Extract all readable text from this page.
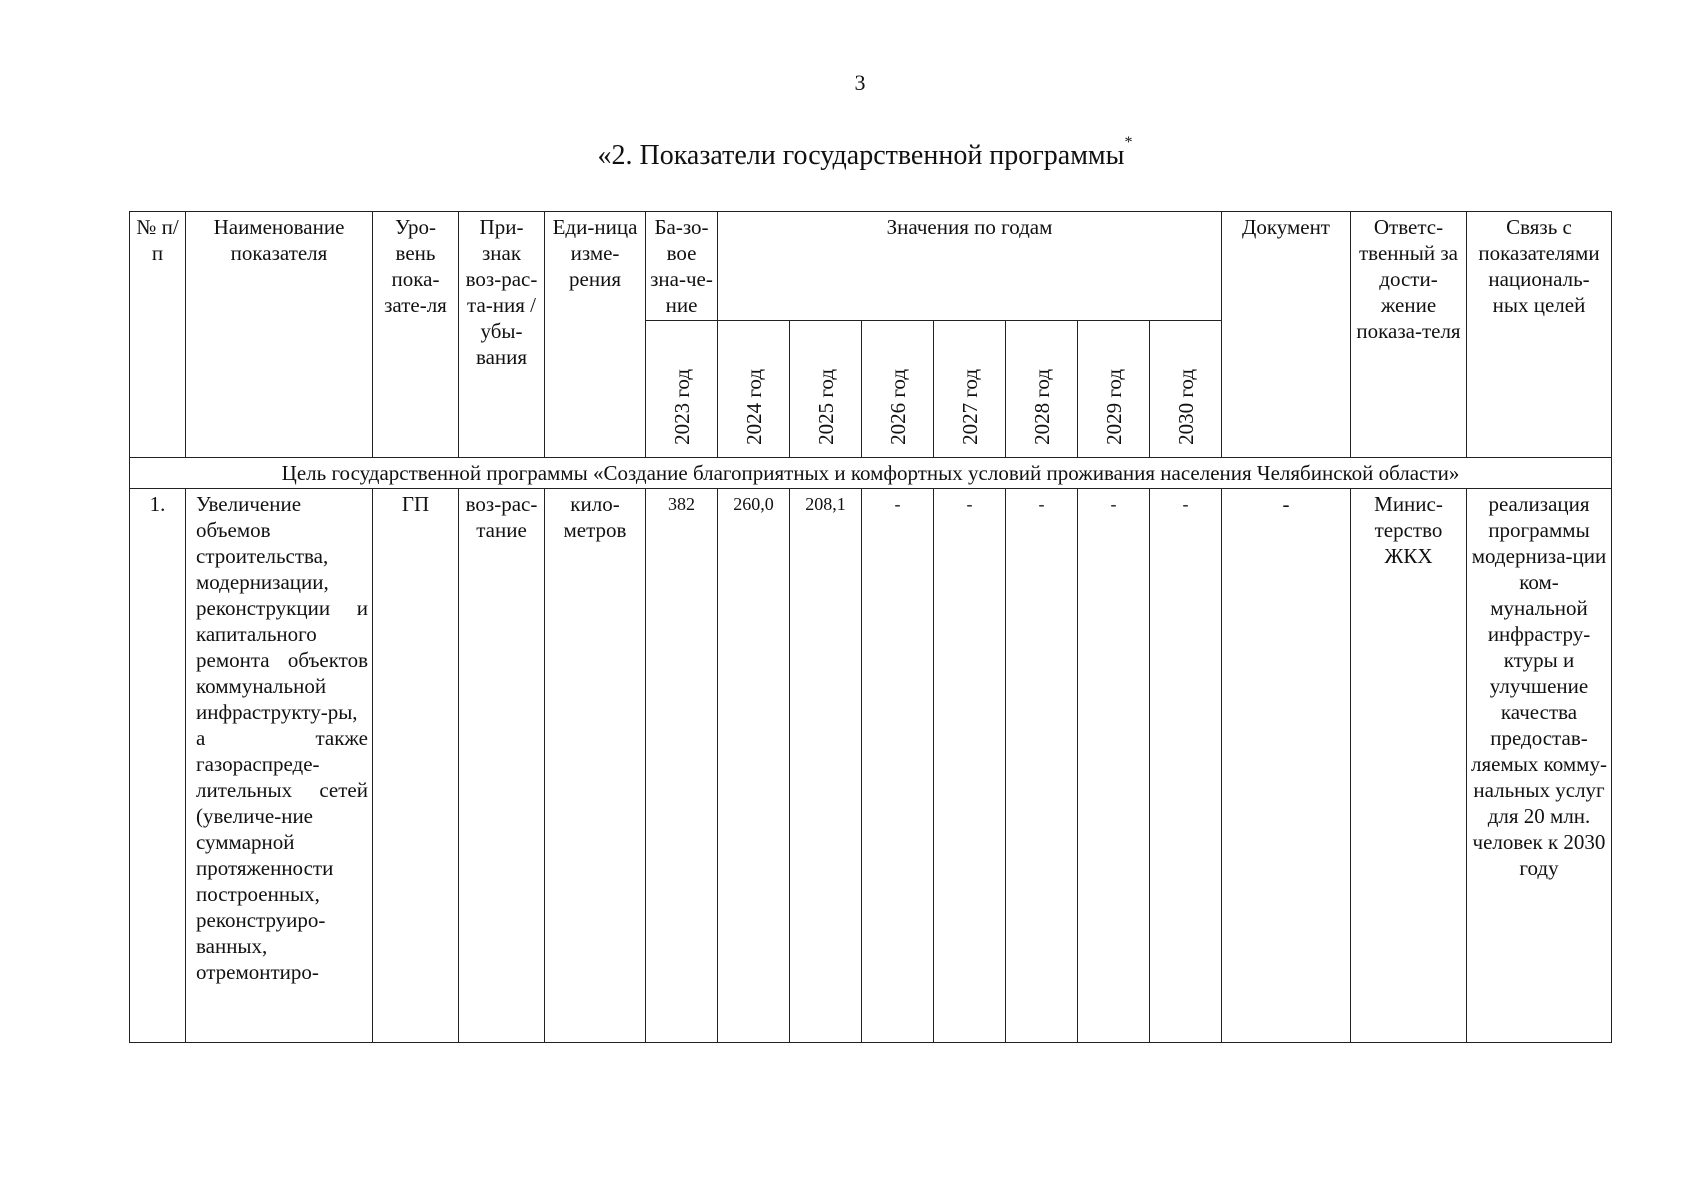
3
«2. Показатели государственной программы*
№ п/п	Наименование показателя	Уро-вень пока-зате-ля	При-знак воз-рас-та-ния / убы-вания	Еди-ница изме-рения	Ба-зо-вое зна-че-ние	Значения по годам							Документ	Ответс-твенный за дости-жение показа-теля	Связь с показателями националь-ных целей
					2023 год	2024 год	2025 год	2026 год	2027 год	2028 год	2029 год	2030 год			
Цель государственной программы «Создание благоприятных и комфортных условий проживания населения Челябинской области»															
1.	Увеличение объемов строительства, модернизации, реконструкции и капитального ремонта объектов коммунальной инфраструкту-ры, а также газораспреде-лительных сетей (увеличе-ние суммарной протяженности построенных, реконструиро-ванных, отремонтиро-	ГП	воз-рас-тание	кило-метров	382	260,0	208,1	-	-	-	-	-	-	Минис-терство ЖКХ	реализация программы модерниза-ции ком-мунальной инфрастру-ктуры и улучшение качества предостав-ляемых комму-нальных услуг для 20 млн. человек к 2030 году
